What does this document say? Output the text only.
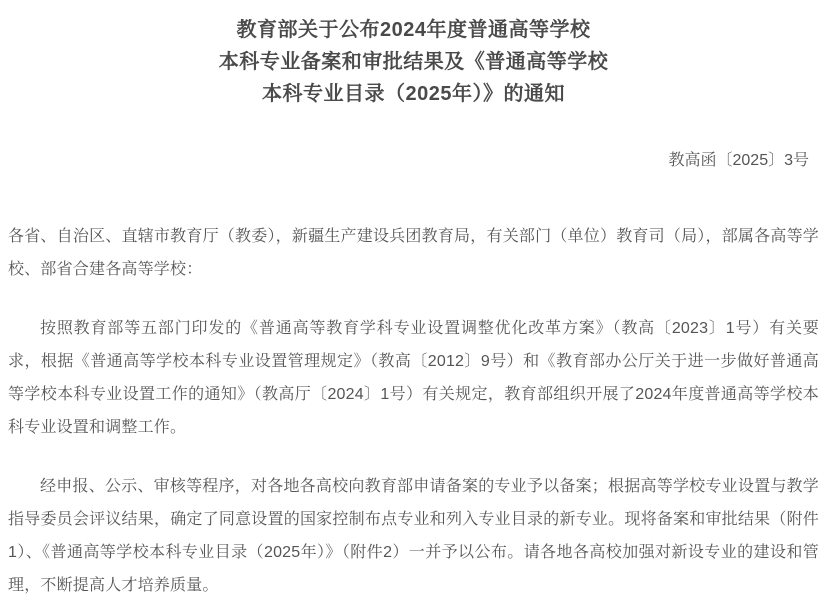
教育部关于公布2024年度普通高等学校
本科专业备案和审批结果及《普通高等学校
本科专业目录（2025年）》的通知
教高函〔2025〕3号

各省、自治区、直辖市教育厅（教委），新疆生产建设兵团教育局，有关部门（单位）教育司（局），部属各高等学校、部省合建各高等学校：

按照教育部等五部门印发的《普通高等教育学科专业设置调整优化改革方案》（教高〔2023〕1号）有关要求，根据《普通高等学校本科专业设置管理规定》（教高〔2012〕9号）和《教育部办公厅关于进一步做好普通高等学校本科专业设置工作的通知》（教高厅〔2024〕1号）有关规定，教育部组织开展了2024年度普通高等学校本科专业设置和调整工作。

经申报、公示、审核等程序，对各地各高校向教育部申请备案的专业予以备案；根据高等学校专业设置与教学指导委员会评议结果，确定了同意设置的国家控制布点专业和列入专业目录的新专业。现将备案和审批结果（附件1）、《普通高等学校本科专业目录（2025年）》（附件2）一并予以公布。请各地各高校加强对新设专业的建设和管理，不断提高人才培养质量。
